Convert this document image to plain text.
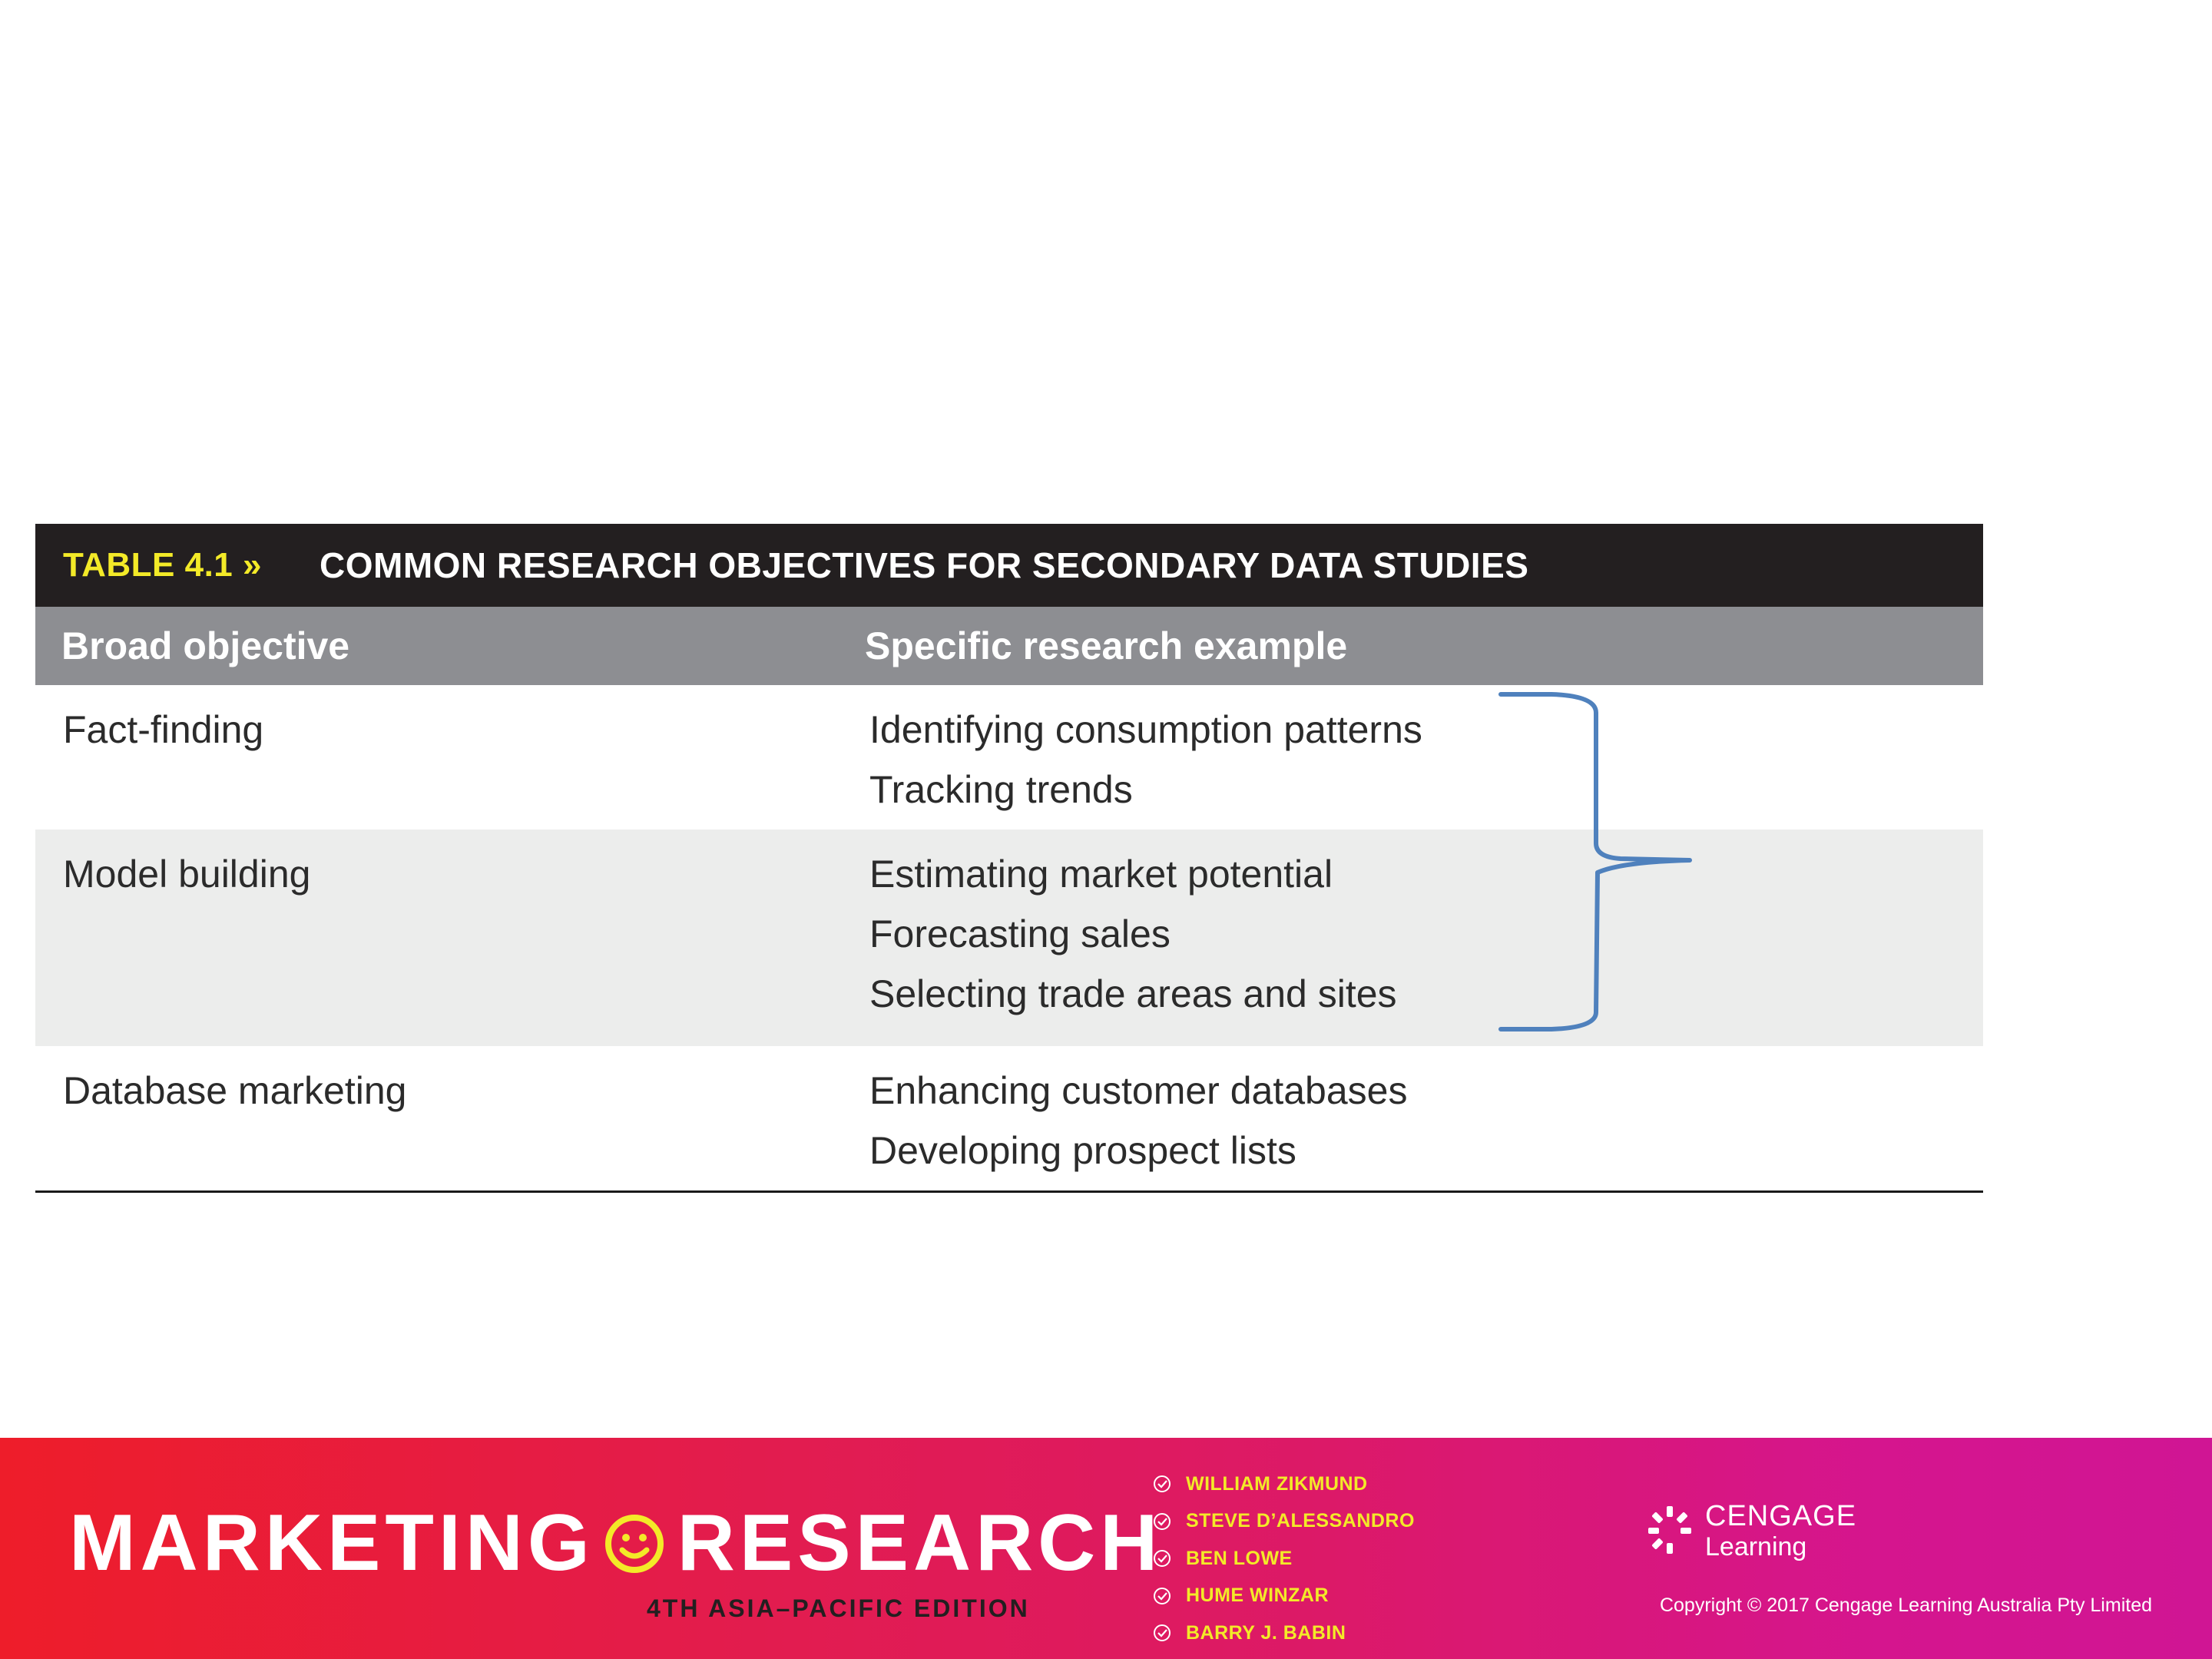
TABLE 4.1 »	COMMON RESEARCH OBJECTIVES FOR SECONDARY DATA STUDIES
Broad objective	Specific research example
Fact-finding	Identifying consumption patterns
Tracking trends
Model building	Estimating market potential
Forecasting sales
Selecting trade areas and sites
Database marketing	Enhancing customer databases
Developing prospect lists
MARKETING RESEARCH
4TH ASIA–PACIFIC EDITION
WILLIAM ZIKMUND
STEVE D’ALESSANDRO
BEN LOWE
HUME WINZAR
BARRY J. BABIN
CENGAGE
Learning
Copyright © 2017 Cengage Learning Australia Pty Limited
